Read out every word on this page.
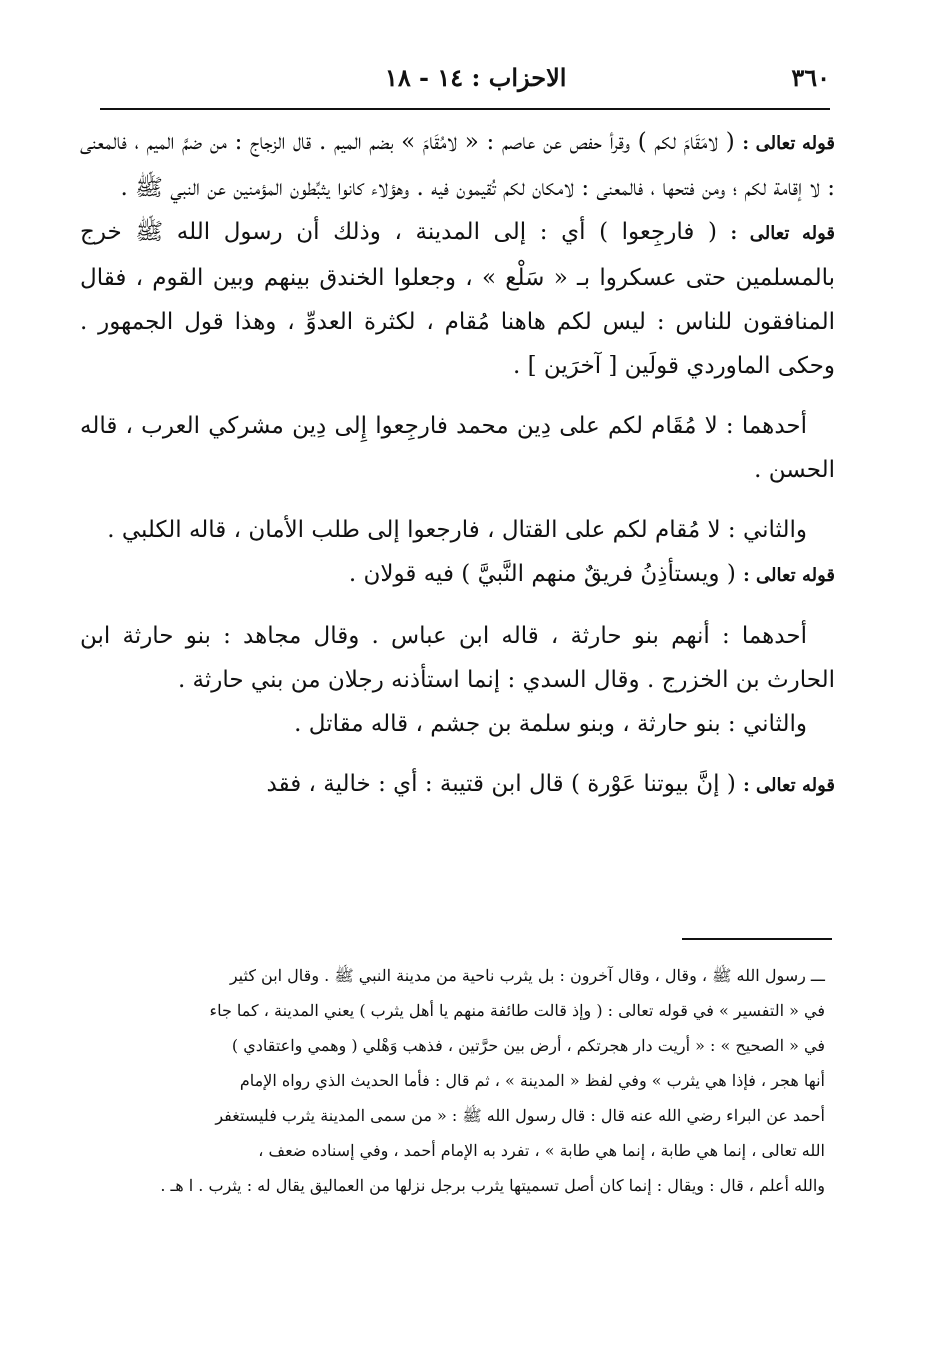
٣٦٠
الاحزاب : ١٤ - ١٨

قوله تعالى : ( لامَقَامَ لكم ) وقرأ حفص عن عاصم : « لامُقَامَ » بضم الميم . قال الزجاج : من ضمَّ الميم ، فالمعنى : لا إقامة لكم ؛ ومن فتحها ، فالمعنى : لامكان لكم تُقيمون فيه . وهؤلاء كانوا يثبِّطون المؤمنين عن النبي ﷺ .

قوله تعالى : ( فارجِعوا ) أي : إلى المدينة ، وذلك أن رسول الله ﷺ خرج بالمسلمين حتى عسكروا بـ « سَلْع » ، وجعلوا الخندق بينهم وبين القوم ، فقال المنافقون للناس : ليس لكم هاهنا مُقام ، لكثرة العدوِّ ، وهذا قول الجمهور . وحكى الماوردي قولَين [ آخرَين ] .

أحدهما : لا مُقَام لكم على دِين محمد فارجِعوا إِلى دِين مشركي العرب ، قاله الحسن .

والثاني : لا مُقام لكم على القتال ، فارجعوا إلى طلب الأمان ، قاله الكلبي .

قوله تعالى : ( ويستأذِنُ فريقٌ منهم النَّبيَّ ) فيه قولان .

أحدهما : أنهم بنو حارثة ، قاله ابن عباس . وقال مجاهد : بنو حارثة ابن الحارث بن الخزرج . وقال السدي : إنما استأذنه رجلان من بني حارثة .

والثاني : بنو حارثة ، وبنو سلمة بن جشم ، قاله مقاتل .

قوله تعالى : ( إنَّ بيوتنا عَوْرة ) قال ابن قتيبة : أي : خالية ، فقد

ـــ رسول الله ﷺ ، وقال ، وقال آخرون : بل يثرب ناحية من مدينة النبي ﷺ . وقال ابن كثير

في « التفسير » في قوله تعالى : ( وإذ قالت طائفة منهم يا أهل يثرب ) يعني المدينة ، كما جاء

في « الصحيح » : « أريت دار هجرتكم ، أرض بين حرَّتين ، فذهب وَهْلي ( وهمي واعتقادي )

أنها هجر ، فإذا هي يثرب » وفي لفظ « المدينة » ، ثم قال : فأما الحديث الذي رواه الإمام

أحمد عن البراء رضي الله عنه قال : قال رسول الله ﷺ : « من سمى المدينة يثرب فليستغفر

الله تعالى ، إنما هي طابة ، إنما هي طابة » ، تفرد به الإمام أحمد ، وفي إسناده ضعف ،

والله أعلم ، قال : ويقال : إنما كان أصل تسميتها يثرب برجل نزلها من العماليق يقال له : يثرب . ا هـ .
